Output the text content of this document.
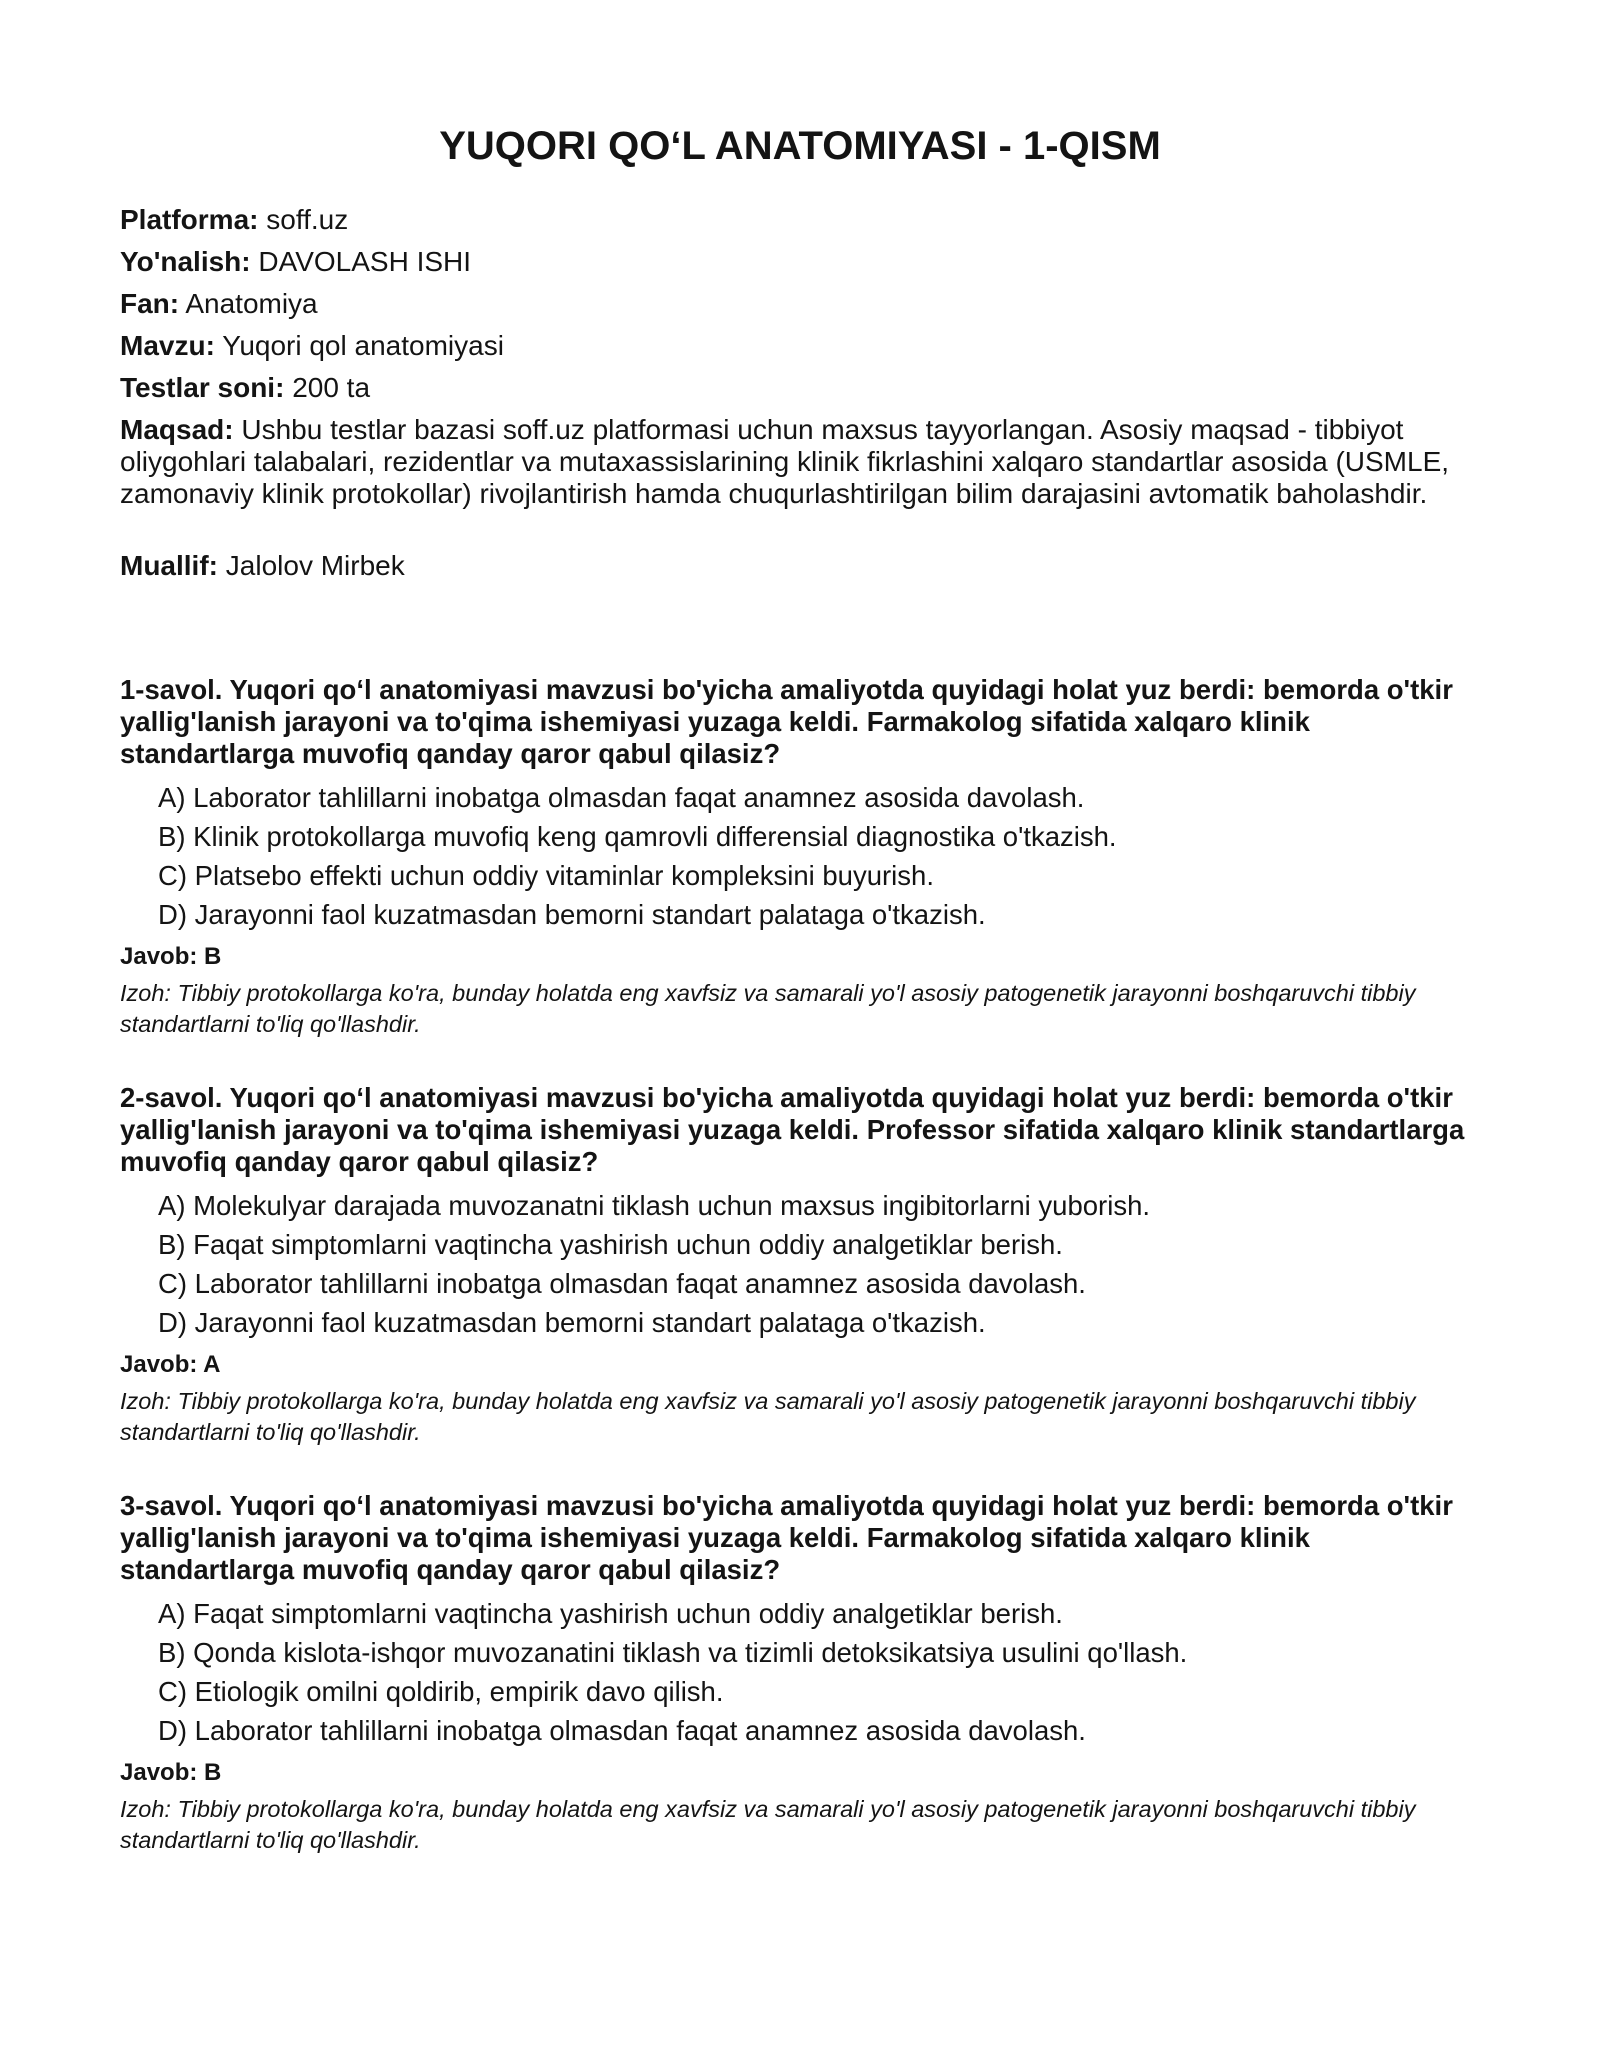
YUQORI QO‘L ANATOMIYASI - 1-QISM

Platforma: soff.uz

Yo'nalish: DAVOLASH ISHI

Fan: Anatomiya

Mavzu: Yuqori qol anatomiyasi

Testlar soni: 200 ta

Maqsad: Ushbu testlar bazasi soff.uz platformasi uchun maxsus tayyorlangan. Asosiy maqsad - tibbiyot oliygohlari talabalari, rezidentlar va mutaxassislarining klinik fikrlashini xalqaro standartlar asosida (USMLE, zamonaviy klinik protokollar) rivojlantirish hamda chuqurlashtirilgan bilim darajasini avtomatik baholashdir.

Muallif: Jalolov Mirbek

1-savol. Yuqori qo‘l anatomiyasi mavzusi bo'yicha amaliyotda quyidagi holat yuz berdi: bemorda o'tkir yallig'lanish jarayoni va to'qima ishemiyasi yuzaga keldi. Farmakolog sifatida xalqaro klinik standartlarga muvofiq qanday qaror qabul qilasiz?

A) Laborator tahlillarni inobatga olmasdan faqat anamnez asosida davolash.
B) Klinik protokollarga muvofiq keng qamrovli differensial diagnostika o'tkazish.
C) Platsebo effekti uchun oddiy vitaminlar kompleksini buyurish.
D) Jarayonni faol kuzatmasdan bemorni standart palataga o'tkazish.

Javob: B

Izoh: Tibbiy protokollarga ko'ra, bunday holatda eng xavfsiz va samarali yo'l asosiy patogenetik jarayonni boshqaruvchi tibbiy standartlarni to'liq qo'llashdir.

2-savol. Yuqori qo‘l anatomiyasi mavzusi bo'yicha amaliyotda quyidagi holat yuz berdi: bemorda o'tkir yallig'lanish jarayoni va to'qima ishemiyasi yuzaga keldi. Professor sifatida xalqaro klinik standartlarga muvofiq qanday qaror qabul qilasiz?

A) Molekulyar darajada muvozanatni tiklash uchun maxsus ingibitorlarni yuborish.
B) Faqat simptomlarni vaqtincha yashirish uchun oddiy analgetiklar berish.
C) Laborator tahlillarni inobatga olmasdan faqat anamnez asosida davolash.
D) Jarayonni faol kuzatmasdan bemorni standart palataga o'tkazish.

Javob: A

Izoh: Tibbiy protokollarga ko'ra, bunday holatda eng xavfsiz va samarali yo'l asosiy patogenetik jarayonni boshqaruvchi tibbiy standartlarni to'liq qo'llashdir.

3-savol. Yuqori qo‘l anatomiyasi mavzusi bo'yicha amaliyotda quyidagi holat yuz berdi: bemorda o'tkir yallig'lanish jarayoni va to'qima ishemiyasi yuzaga keldi. Farmakolog sifatida xalqaro klinik standartlarga muvofiq qanday qaror qabul qilasiz?

A) Faqat simptomlarni vaqtincha yashirish uchun oddiy analgetiklar berish.
B) Qonda kislota-ishqor muvozanatini tiklash va tizimli detoksikatsiya usulini qo'llash.
C) Etiologik omilni qoldirib, empirik davo qilish.
D) Laborator tahlillarni inobatga olmasdan faqat anamnez asosida davolash.

Javob: B

Izoh: Tibbiy protokollarga ko'ra, bunday holatda eng xavfsiz va samarali yo'l asosiy patogenetik jarayonni boshqaruvchi tibbiy standartlarni to'liq qo'llashdir.
